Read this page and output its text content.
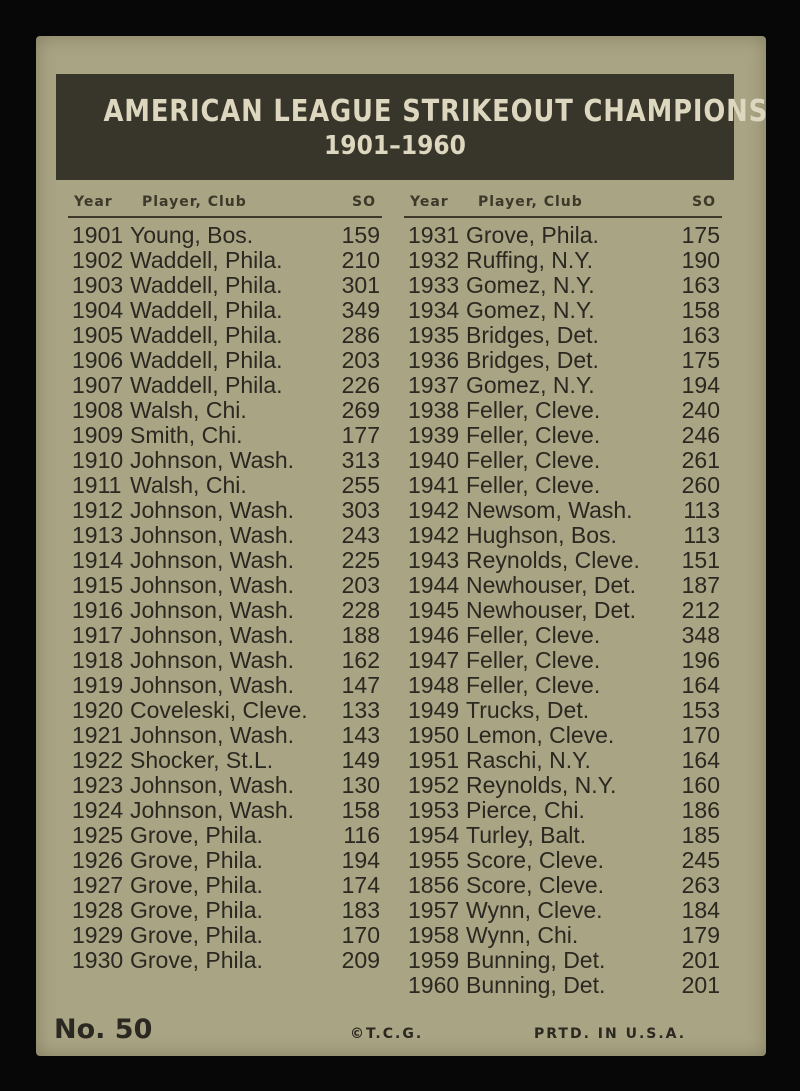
AMERICAN LEAGUE STRIKEOUT CHAMPIONS
1901–1960
Year Player, Club	SO
1901 Young, Bos.	159
1902 Waddell, Phila.	210
1903 Waddell, Phila.	301
1904 Waddell, Phila.	349
1905 Waddell, Phila.	286
1906 Waddell, Phila.	203
1907 Waddell, Phila.	226
1908 Walsh, Chi.	269
1909 Smith, Chi.	177
1910 Johnson, Wash. 313
1911 Walsh, Chi.	255
1912 Johnson, Wash. 303
1913 Johnson, Wash. 243
1914 Johnson, Wash. 225
1915 Johnson, Wash. 203
1916 Johnson, Wash. 228
1917 Johnson, Wash. 188
1918 Johnson, Wash. 162
1919 Johnson, Wash. 147
1920 Coveleski, Cleve. 133
1921 Johnson, Wash. 143
1922 Shocker, St.L.	149
1923 Johnson, Wash. 130
1924 Johnson, Wash. 158
1925 Grove, Phila.	116
1926 Grove, Phila.	194
1927 Grove, Phila.	174
1928 Grove, Phila.	183
1929 Grove, Phila.	170
1930 Grove, Phila.	209
Year Player, Club	SO
1931 Grove, Phila.	175
1932 Ruffing, N.Y.	190
1933 Gomez, N.Y.	163
1934 Gomez, N.Y.	158
1935 Bridges, Det.	163
1936 Bridges, Det.	175
1937 Gomez, N.Y.	194
1938 Feller, Cleve.	240
1939 Feller, Cleve.	246
1940 Feller, Cleve.	261
1941 Feller, Cleve.	260
1942 Newsom, Wash. 113
1942 Hughson, Bos.	113
1943 Reynolds, Cleve. 151
1944 Newhouser, Det. 187
1945 Newhouser, Det. 212
1946 Feller, Cleve.	348
1947 Feller, Cleve.	196
1948 Feller, Cleve.	164
1949 Trucks, Det.	153
1950 Lemon, Cleve.	170
1951 Raschi, N.Y.	164
1952 Reynolds, N.Y.	160
1953 Pierce, Chi.	186
1954 Turley, Balt.	185
1955 Score, Cleve.	245
1856 Score, Cleve.	263
1957 Wynn, Cleve.	184
1958 Wynn, Chi.	179
1959 Bunning, Det.	201
1960 Bunning, Det.	201
No. 50	©T.C.G.	PRTD. IN U.S.A.
